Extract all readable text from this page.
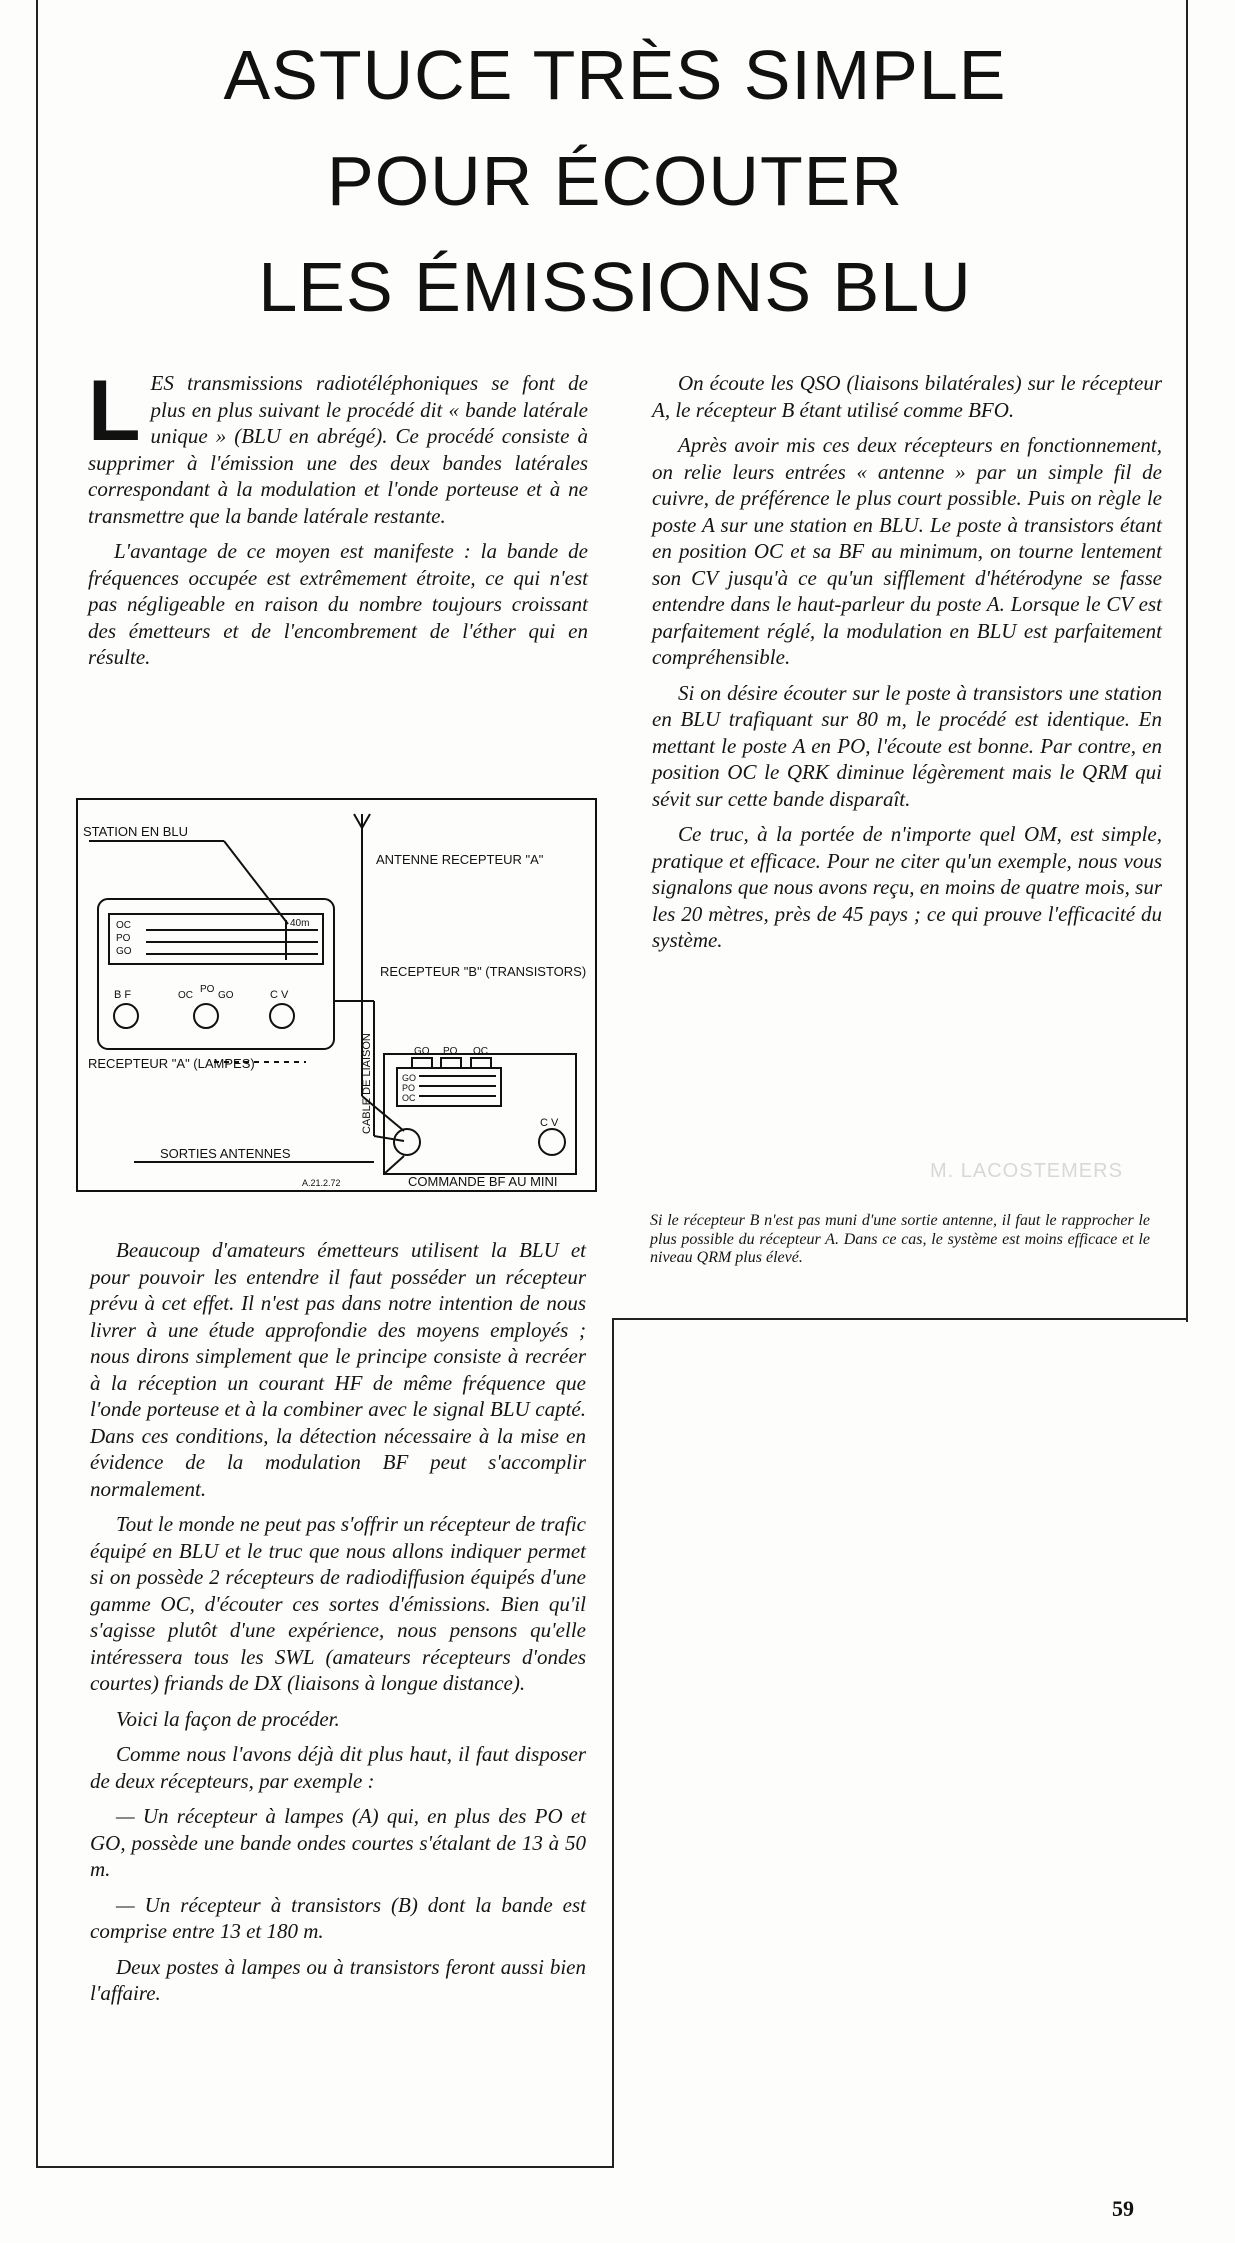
ASTUCE TRÈS SIMPLE
POUR ÉCOUTER
LES ÉMISSIONS BLU

LES transmissions radiotéléphoniques se font de plus en plus suivant le procédé dit « bande latérale unique » (BLU en abrégé). Ce procédé consiste à supprimer à l'émission une des deux bandes latérales correspondant à la modulation et l'onde porteuse et à ne transmettre que la bande latérale restante.

L'avantage de ce moyen est manifeste : la bande de fréquences occupée est extrêmement étroite, ce qui n'est pas négligeable en raison du nombre toujours croissant des émetteurs et de l'encombrement de l'éther qui en résulte.

STATION EN BLU
ANTENNE RECEPTEUR "A"
RECEPTEUR "B" (TRANSISTORS)
RECEPTEUR "A" (LAMPES)
OC
PO
GO
40m
B F	OC
PO
GO	C V
GO PO OC
GO
PO
OC
C V
CABLE DE LIAISON
SORTIES ANTENNES
COMMANDE BF AU MINI
A.21.2.72

Beaucoup d'amateurs émetteurs utilisent la BLU et pour pouvoir les entendre il faut posséder un récepteur prévu à cet effet. Il n'est pas dans notre intention de nous livrer à une étude approfondie des moyens employés ; nous dirons simplement que le principe consiste à recréer à la réception un courant HF de même fréquence que l'onde porteuse et à la combiner avec le signal BLU capté. Dans ces conditions, la détection nécessaire à la mise en évidence de la modulation BF peut s'accomplir normalement.

Tout le monde ne peut pas s'offrir un récepteur de trafic équipé en BLU et le truc que nous allons indiquer permet si on possède 2 récepteurs de radiodiffusion équipés d'une gamme OC, d'écouter ces sortes d'émissions. Bien qu'il s'agisse plutôt d'une expérience, nous pensons qu'elle intéressera tous les SWL (amateurs récepteurs d'ondes courtes) friands de DX (liaisons à longue distance).

Voici la façon de procéder.

Comme nous l'avons déjà dit plus haut, il faut disposer de deux récepteurs, par exemple :

— Un récepteur à lampes (A) qui, en plus des PO et GO, possède une bande ondes courtes s'étalant de 13 à 50 m.

— Un récepteur à transistors (B) dont la bande est comprise entre 13 et 180 m.

Deux postes à lampes ou à transistors feront aussi bien l'affaire.

On écoute les QSO (liaisons bilatérales) sur le récepteur A, le récepteur B étant utilisé comme BFO.

Après avoir mis ces deux récepteurs en fonctionnement, on relie leurs entrées « antenne » par un simple fil de cuivre, de préférence le plus court possible. Puis on règle le poste A sur une station en BLU. Le poste à transistors étant en position OC et sa BF au minimum, on tourne lentement son CV jusqu'à ce qu'un sifflement d'hétérodyne se fasse entendre dans le haut-parleur du poste A. Lorsque le CV est parfaitement réglé, la modulation en BLU est parfaitement compréhensible.

Si on désire écouter sur le poste à transistors une station en BLU trafiquant sur 80 m, le procédé est identique. En mettant le poste A en PO, l'écoute est bonne. Par contre, en position OC le QRK diminue légèrement mais le QRM qui sévit sur cette bande disparaît.

Ce truc, à la portée de n'importe quel OM, est simple, pratique et efficace. Pour ne citer qu'un exemple, nous vous signalons que nous avons reçu, en moins de quatre mois, sur les 20 mètres, près de 45 pays ; ce qui prouve l'efficacité du système.

M. LACOSTEMERS
Si le récepteur B n'est pas muni d'une sortie antenne, il faut le rapprocher le plus possible du récepteur A. Dans ce cas, le système est moins efficace et le niveau QRM plus élevé.
59
